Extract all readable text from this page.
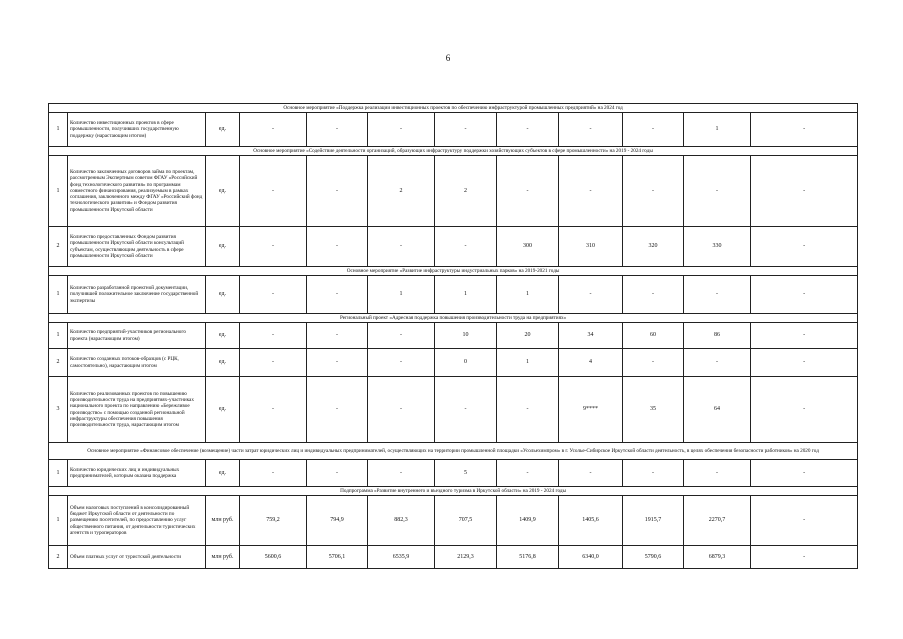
6
Основное мероприятие «Поддержка реализации инвестиционных проектов по обеспечению инфраструктурой промышленных предприятий» на 2024 год											
1	Количество инвестиционных проектов в сфере промышленности, получивших государственную поддержку (нарастающим итогом)	ед.	-	-	-	-	-	-	-	1	-
Основное мероприятие «Содействие деятельности организаций, образующих инфраструктуру поддержки хозяйствующих субъектов в сфере промышленности» на 2019 - 2024 годы											
1	Количество заключенных договоров займа по проектам, рассмотренным Экспертным советом ФГАУ «Российский фонд технологического развития» по программам совместного финансирования, реализуемым в рамках соглашения, заключенного между ФГАУ «Российский фонд технологического развития» и Фондом развития промышленности Иркутской области	ед.	-	-	2	2	-	-	-	-	-
2	Количество предоставленных Фондом развития промышленности Иркутской области консультаций субъектам, осуществляющим деятельность в сфере промышленности Иркутской области	ед.	-	-	-	-	300	310	320	330	-
Основное мероприятие «Развитие инфраструктуры индустриальных парков» на 2019-2021 годы											
1	Количество разработанной проектной документации, получившей положительное заключение государственной экспертизы	ед.	-	-	1	1	1	-	-	-	-
Региональный проект «Адресная поддержка повышения производительности труда на предприятиях»											
1	Количество предприятий-участников регионального проекта (нарастающим итогом)	ед.	-	-	-	10	20	34	60	86	-
2	Количество созданных потоков-образцов (с РЦК, самостоятельно), нарастающим итогом	ед.	-	-	-	0	1	4	-	-	-
3	Количество реализованных проектов по повышению производительности труда на предприятиях-участниках национального проекта по направлению «Бережливое производство» с помощью созданной региональной инфраструктуры обеспечения повышения производительности труда, нарастающим итогом	ед.	-	-	-	-	-	9****	35	64	-
Основное мероприятие «Финансовое обеспечение (возмещение) части затрат юридических лиц и индивидуальных предпринимателей, осуществляющих на территории промышленной площадки «Усольехимпром» в г. Усолье-Сибирское Иркутской области деятельность, в целях обеспечения безопасности работников» на 2020 год											
1	Количество юридических лиц и индивидуальных предпринимателей, которым оказана поддержка	ед.	-	-	-	5	-	-	-	-	-
Подпрограмма «Развитие внутреннего и въездного туризма в Иркутской области» на 2019 - 2024 годы											
1	Объем налоговых поступлений в консолидированный бюджет Иркутской области от деятельности по размещению посетителей, по предоставлению услуг общественного питания, от деятельности туристических агентств и туроператоров	млн руб.	759,2	794,9	882,3	707,5	1409,9	1405,6	1915,7	2270,7	-
2	Объем платных услуг от туристской деятельности	млн руб.	5600,6	5706,1	6535,9	2129,3	5176,8	6340,0	5790,6	6879,3	-
